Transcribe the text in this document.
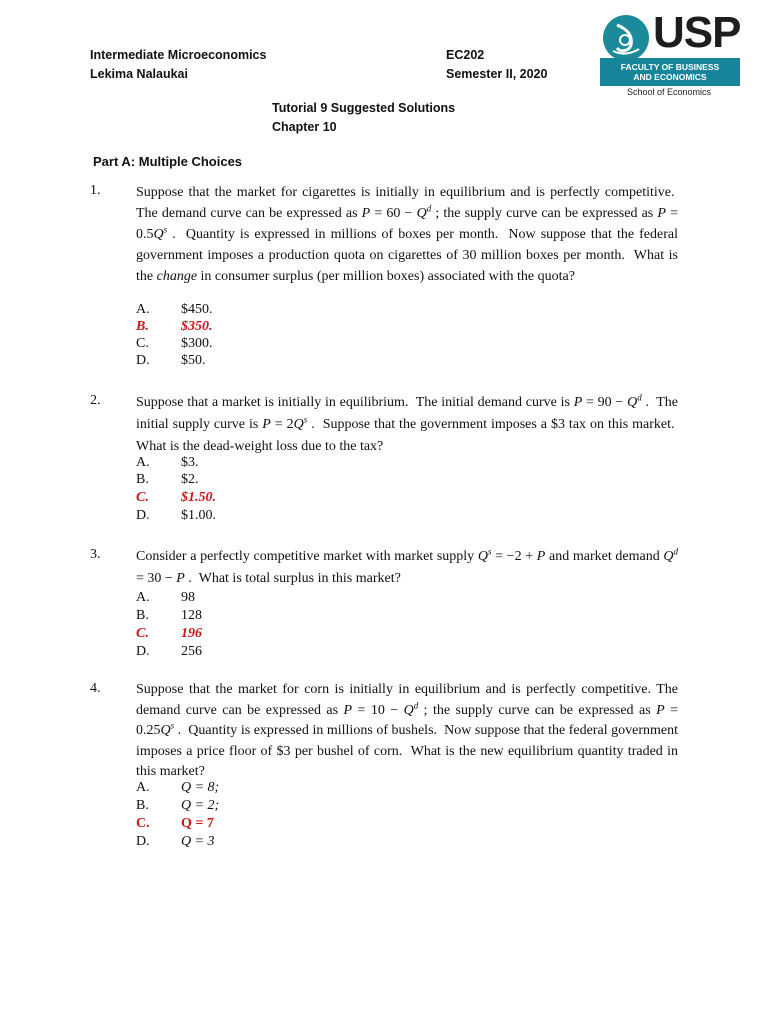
Intermediate Microeconomics
Lekima Nalaukai
EC202
Semester II, 2020
USP
FACULTY OF BUSINESS
AND ECONOMICS
School of Economics
Tutorial 9 Suggested Solutions
Chapter 10
Part A: Multiple Choices
1.	Suppose that the market for cigarettes is initially in equilibrium and is perfectly competitive.  The demand curve can be expressed as $P = 60 - Q^d$ ; the supply curve can be expressed as $P = 0.5Q^s$ .  Quantity is expressed in millions of boxes per month.  Now suppose that the federal government imposes a production quota on cigarettes of 30 million boxes per month.  What is the change in consumer surplus (per million boxes) associated with the quota?
A. $450.
B. $350.
C. $300.
D. $50.
2.	Suppose that a market is initially in equilibrium.  The initial demand curve is $P = 90 - Q^d$ .  The initial supply curve is $P = 2Q^s$ .  Suppose that the government imposes a $3 tax on this market.  What is the dead-weight loss due to the tax?
A. $3.
B. $2.
C. $1.50.
D. $1.00.
3.	Consider a perfectly competitive market with market supply $Q^s = -2 + P$ and market demand $Q^d = 30 - P$ .  What is total surplus in this market?
A. 98
B. 128
C. 196
D. 256
4.	Suppose that the market for corn is initially in equilibrium and is perfectly competitive. The demand curve can be expressed as $P = 10 - Q^d$ ; the supply curve can be expressed as $P = 0.25Q^s$ .  Quantity is expressed in millions of bushels.  Now suppose that the federal government imposes a price floor of $3 per bushel of corn.  What is the new equilibrium quantity traded in this market?
A. Q = 8;
B. Q = 2;
C. Q = 7
D. Q = 3
